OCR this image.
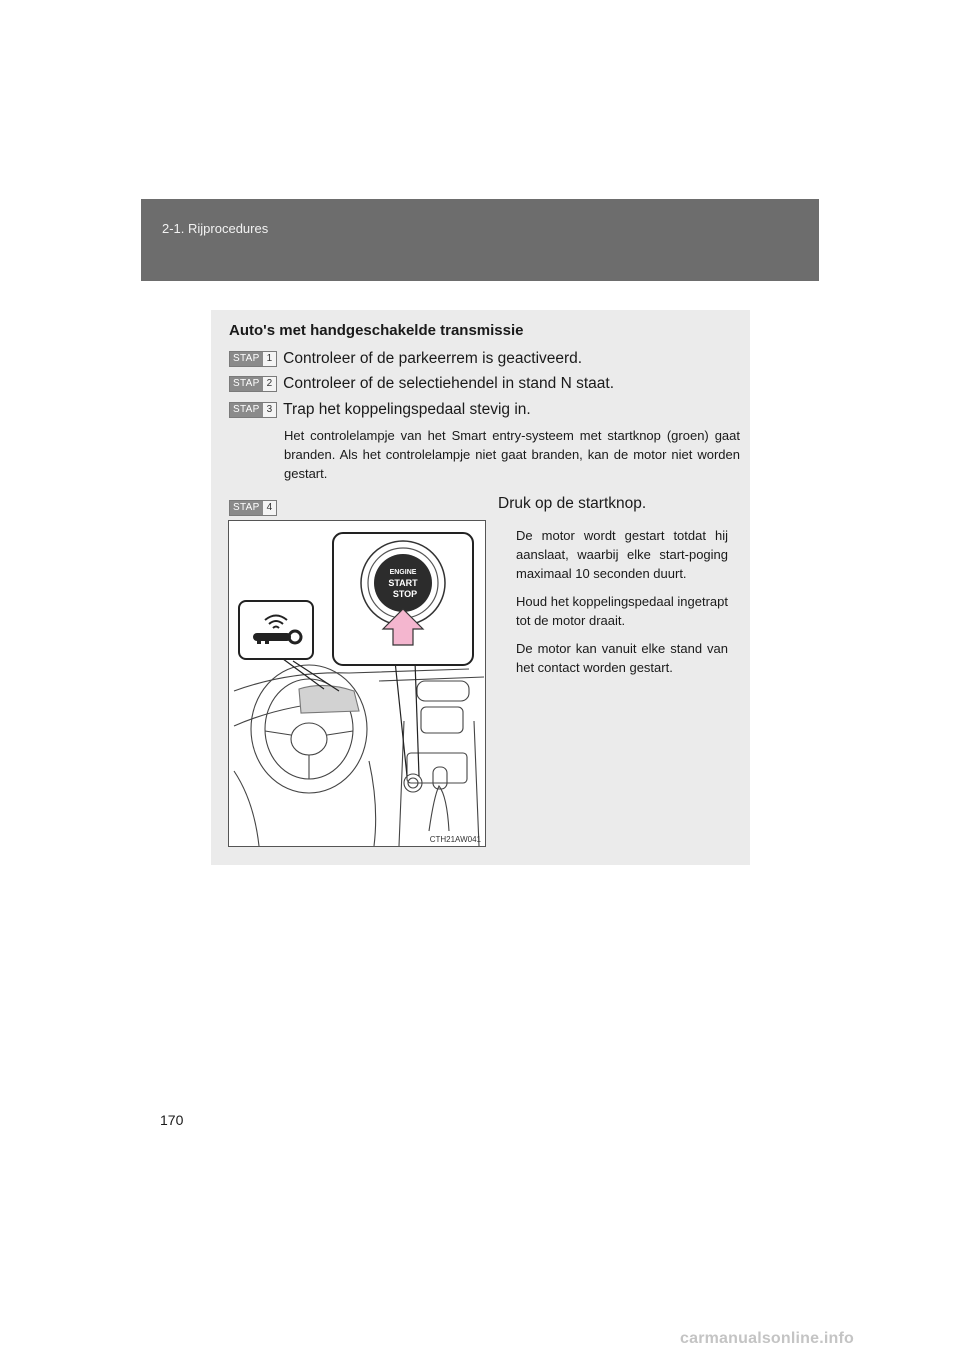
2-1. Rijprocedures
Auto's met handgeschakelde transmissie
STAP 1 Controleer of de parkeerrem is geactiveerd.
STAP 2 Controleer of de selectiehendel in stand N staat.
STAP 3 Trap het koppelingspedaal stevig in.
Het controlelampje van het Smart entry-systeem met startknop (groen) gaat branden. Als het controlelampje niet gaat branden, kan de motor niet worden gestart.
STAP 4
ENGINE
START
STOP
CTH21AW041
Druk op de startknop.

De motor wordt gestart totdat hij aanslaat, waarbij elke start-poging maximaal 10 seconden duurt.

Houd het koppelingspedaal ingetrapt tot de motor draait.

De motor kan vanuit elke stand van het contact worden gestart.

170
carmanualsonline.info
